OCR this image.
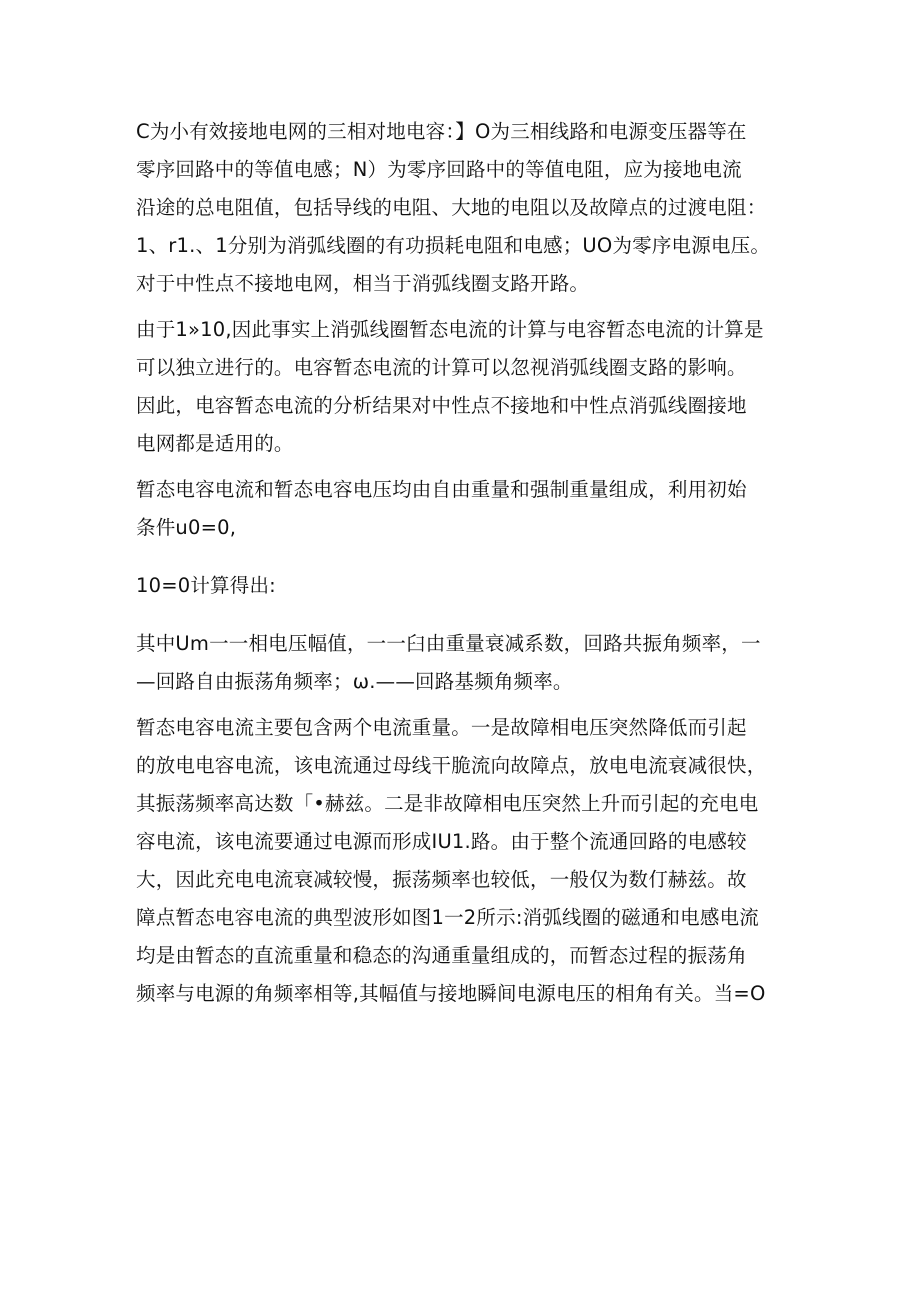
C为小有效接地电网的三相对地电容：】O为三相线路和电源变压器等在
零序回路中的等值电感；N）为零序回路中的等值电阻，应为接地电流
沿途的总电阻值，包括导线的电阻、大地的电阻以及故障点的过渡电阻：
1、r1.、1分别为消弧线圈的有功损耗电阻和电感；UO为零序电源电压。
对于中性点不接地电网，相当于消弧线圈支路开路。

由于1»10,因此事实上消弧线圈暂态电流的计算与电容暂态电流的计算是
可以独立进行的。电容暂态电流的计算可以忽视消弧线圈支路的影响。
因此，电容暂态电流的分析结果对中性点不接地和中性点消弧线圈接地
电网都是适用的。

暂态电容电流和暂态电容电压均由自由重量和强制重量组成，利用初始
条件u0=0,

10=0计算得出:

其中Um一一相电压幅值，一一臼由重量衰减系数，回路共振角频率，一
—回路自由振荡角频率；ω.——回路基频角频率。

暂态电容电流主要包含两个电流重量。一是故障相电压突然降低而引起
的放电电容电流，该电流通过母线干脆流向故障点，放电电流衰减很快，
其振荡频率高达数「•赫兹。二是非故障相电压突然上升而引起的充电电
容电流，该电流要通过电源而形成IU1.路。由于整个流通回路的电感较
大，因此充电电流衰减较慢，振荡频率也较低，一般仅为数仃赫兹。故
障点暂态电容电流的典型波形如图1一2所示:消弧线圈的磁通和电感电流
均是由暂态的直流重量和稳态的沟通重量组成的，而暂态过程的振荡角
频率与电源的角频率相等,其幅值与接地瞬间电源电压的相角有关。当=O
